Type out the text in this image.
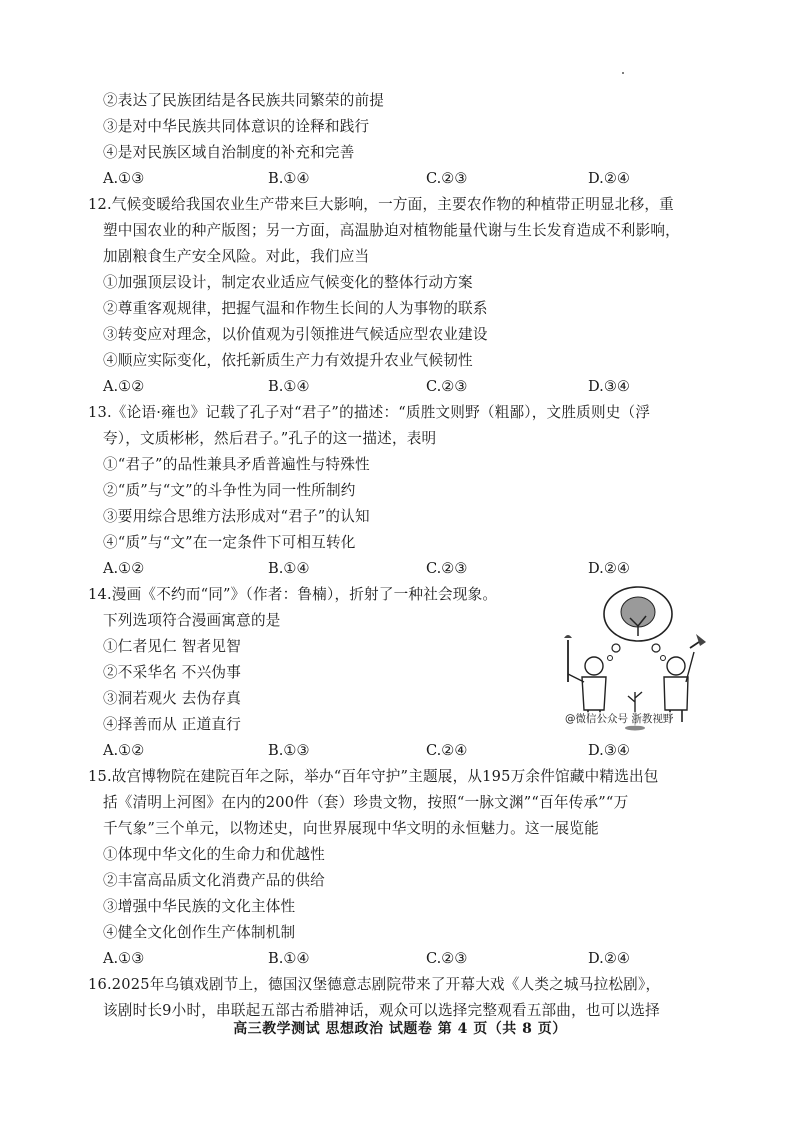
②表达了民族团结是各民族共同繁荣的前提
③是对中华民族共同体意识的诠释和践行
④是对民族区域自治制度的补充和完善
A.①③	B.①④	C.②③	D.②④
12.气候变暖给我国农业生产带来巨大影响，一方面，主要农作物的种植带正明显北移，重
塑中国农业的种产版图；另一方面，高温胁迫对植物能量代谢与生长发育造成不利影响，
加剧粮食生产安全风险。对此，我们应当
①加强顶层设计，制定农业适应气候变化的整体行动方案
②尊重客观规律，把握气温和作物生长间的人为事物的联系
③转变应对理念，以价值观为引领推进气候适应型农业建设
④顺应实际变化，依托新质生产力有效提升农业气候韧性
A.①②	B.①④	C.②③	D.③④
13.《论语·雍也》记载了孔子对“君子”的描述：“质胜文则野（粗鄙），文胜质则史（浮
夸），文质彬彬，然后君子。”孔子的这一描述，表明
①“君子”的品性兼具矛盾普遍性与特殊性
②“质”与“文”的斗争性为同一性所制约
③要用综合思维方法形成对“君子”的认知
④“质”与“文”在一定条件下可相互转化
A.①②	B.①④	C.②③	D.②④
14.漫画《不约而“同”》（作者：鲁楠），折射了一种社会现象。
下列选项符合漫画寓意的是
①仁者见仁 智者见智
②不采华名 不兴伪事
③洞若观火 去伪存真
④择善而从 正道直行	@微信公众号 浙教视野
A.①②	B.①③	C.②④	D.③④
15.故宫博物院在建院百年之际，举办“百年守护”主题展，从195万余件馆藏中精选出包
括《清明上河图》在内的200件（套）珍贵文物，按照“一脉文渊”“百年传承”“万
千气象”三个单元，以物述史，向世界展现中华文明的永恒魅力。这一展览能
①体现中华文化的生命力和优越性
②丰富高品质文化消费产品的供给
③增强中华民族的文化主体性
④健全文化创作生产体制机制
A.①③	B.①④	C.②③	D.②④
16.2025年乌镇戏剧节上，德国汉堡德意志剧院带来了开幕大戏《人类之城马拉松剧》，
该剧时长9小时，串联起五部古希腊神话，观众可以选择完整观看五部曲，也可以选择
高三教学测试 思想政治 试题卷 第 4 页（共 8 页）
